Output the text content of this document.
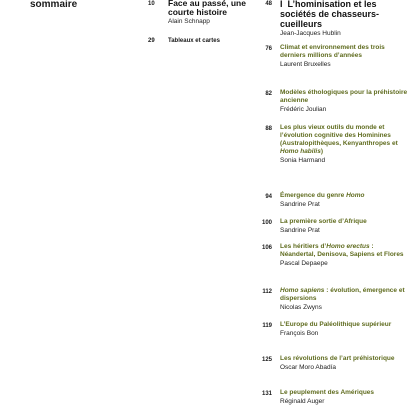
sommaire	10	Face au passé, une courte histoire
Alain Schnapp
29	Tableaux et cartes
48 I L’hominisation et les sociétés de chasseurs-cueilleurs
Jean-Jacques Hublin
76 Climat et environnement des trois derniers millions d’années
Laurent Bruxelles
82 Modèles éthologiques pour la préhistoire ancienne
Frédéric Joulian
88 Les plus vieux outils du monde et l’évolution cognitive des Hominines (Australopithèques, Kenyanthropes et Homo habilis)
Sonia Harmand
94 Émergence du genre Homo
Sandrine Prat
100 La première sortie d’Afrique
Sandrine Prat
106 Les héritiers d’Homo erectus : Néandertal, Denisova, Sapiens et Flores
Pascal Depaepe
112 Homo sapiens : évolution, émergence et dispersions
Nicolas Zwyns
119 L’Europe du Paléolithique supérieur
François Bon
125 Les révolutions de l’art préhistorique
Oscar Moro Abadía
131 Le peuplement des Amériques
Réginald Auger
